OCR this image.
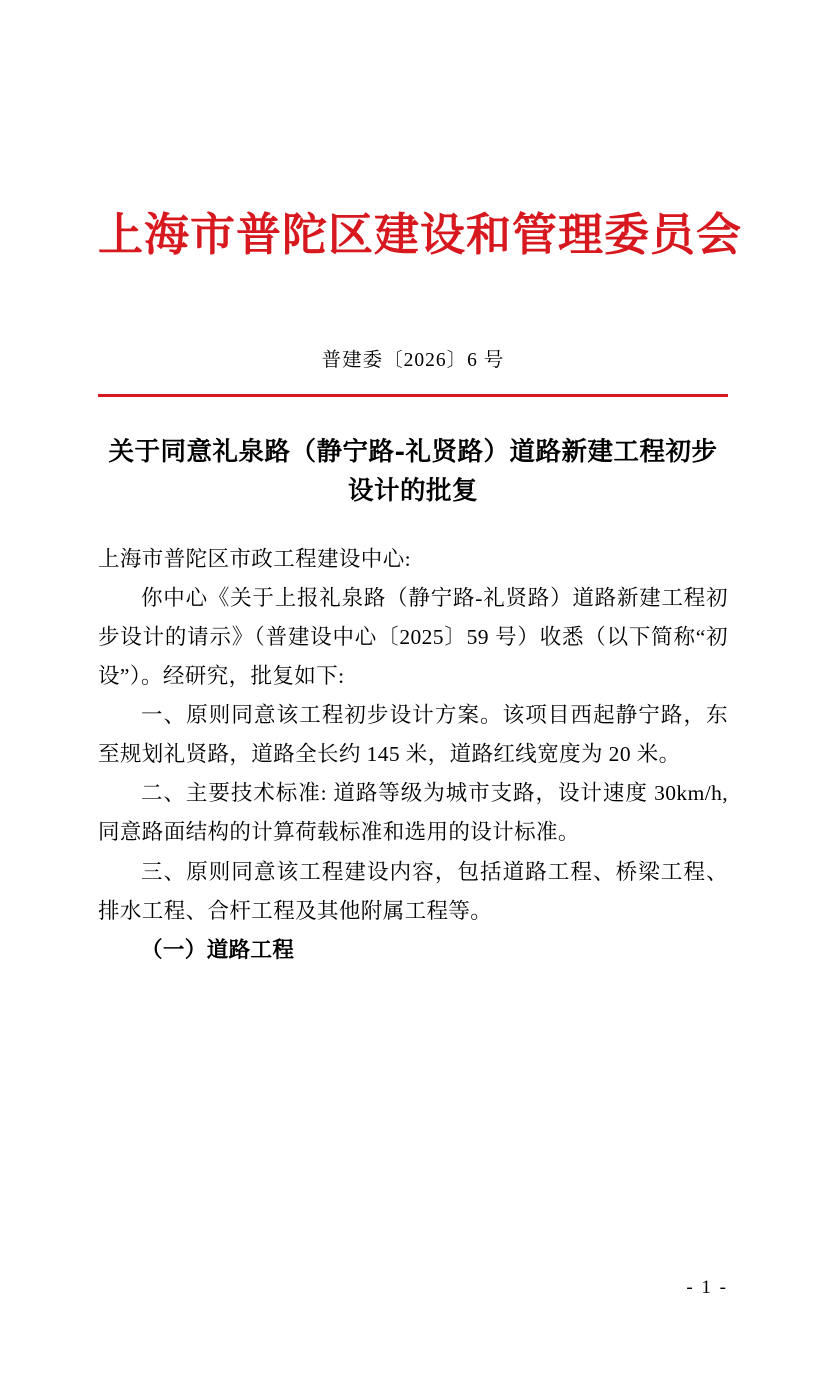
上海市普陀区建设和管理委员会
普建委〔2026〕6 号
关于同意礼泉路（静宁路-礼贤路）道路新建工程初步设计的批复

上海市普陀区市政工程建设中心:

你中心《关于上报礼泉路（静宁路-礼贤路）道路新建工程初步设计的请示》（普建设中心〔2025〕59 号）收悉（以下简称“初设”）。经研究，批复如下:

一、原则同意该工程初步设计方案。该项目西起静宁路，东至规划礼贤路，道路全长约 145 米，道路红线宽度为 20 米。

二、主要技术标准: 道路等级为城市支路，设计速度 30km/h, 同意路面结构的计算荷载标准和选用的设计标准。

三、原则同意该工程建设内容，包括道路工程、桥梁工程、排水工程、合杆工程及其他附属工程等。

（一）道路工程

- 1 -
